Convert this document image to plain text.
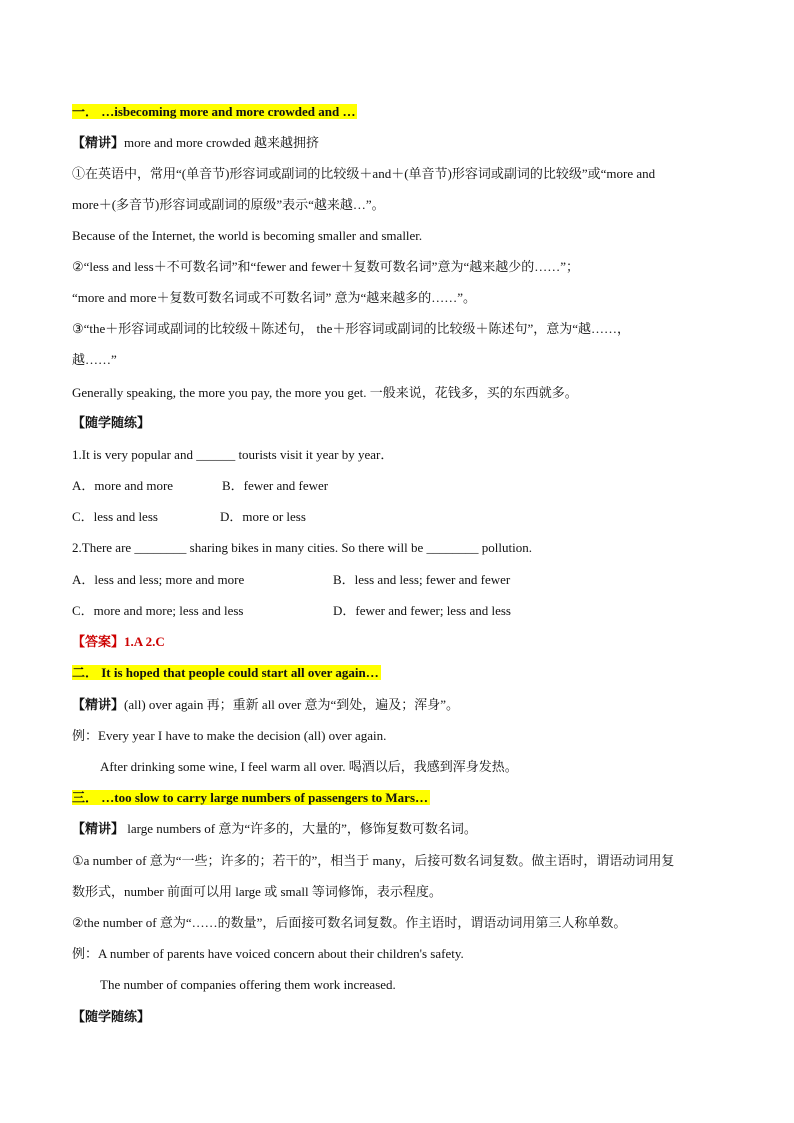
一． …isbecoming more and more crowded and …
【精讲】more and more crowded 越来越拥挤
①在英语中，常用“(单音节)形容词或副词的比较级＋and＋(单音节)形容词或副词的比较级”或“more and
more＋(多音节)形容词或副词的原级”表示“越来越…”。
Because of the Internet, the world is becoming smaller and smaller.
②“less and less＋不可数名词”和“fewer and fewer＋复数可数名词”意为“越来越少的……”；
“more and more＋复数可数名词或不可数名词” 意为“越来越多的……”。
③“the＋形容词或副词的比较级＋陈述句， the＋形容词或副词的比较级＋陈述句”，意为“越……，
越……”
Generally speaking, the more you pay, the more you get. 一般来说，花钱多，买的东西就多。
【随学随练】
1.It is very popular and ______ tourists visit it year by year．
A．more and more	B．fewer and fewer
C．less and less	D．more or less
2.There are ________ sharing bikes in many cities. So there will be ________ pollution.
A．less and less; more and more	B．less and less; fewer and fewer
C．more and more; less and less	D．fewer and fewer; less and less
【答案】1.A 2.C
二． It is hoped that people could start all over again…
【精讲】(all) over again 再；重新 all over 意为“到处，遍及；浑身”。
例：Every year I have to make the decision (all) over again.
After drinking some wine, I feel warm all over. 喝酒以后，我感到浑身发热。
三． …too slow to carry large numbers of passengers to Mars…
【精讲】 large numbers of 意为“许多的，大量的”，修饰复数可数名词。
①a number of 意为“一些；许多的；若干的”，相当于 many，后接可数名词复数。做主语时，谓语动词用复
数形式，number 前面可以用 large 或 small 等词修饰，表示程度。
②the number of 意为“……的数量”，后面接可数名词复数。作主语时，谓语动词用第三人称单数。
例：A number of parents have voiced concern about their children's safety.
The number of companies offering them work increased.
【随学随练】
